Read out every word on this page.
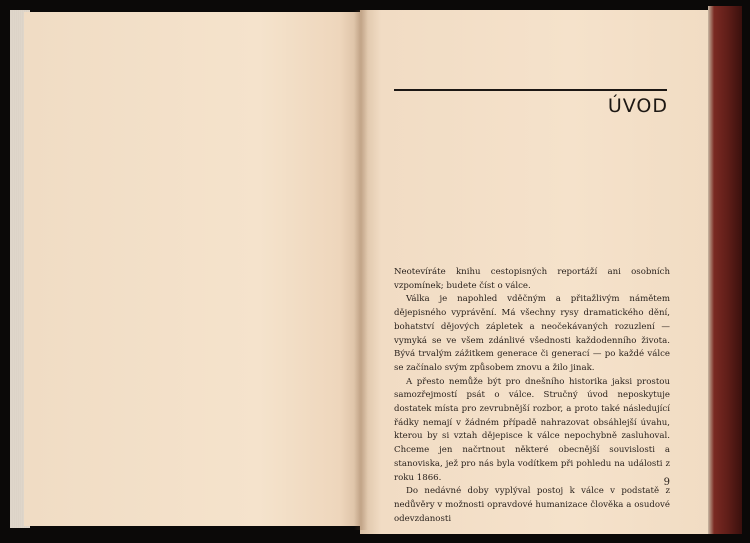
ÚVOD

Neotevíráte knihu cestopisných reportáží ani osobních vzpomínek; budete číst o válce.

Válka je napohled vděčným a přitažlivým námětem dějepisného vyprávění. Má všechny rysy dramatického dění, bohatství dějových zápletek a neočekávaných rozuzlení — vymyká se ve všem zdánlivé všednosti každodenního života. Bývá trvalým zážitkem generace či generací — po každé válce se začínalo svým způsobem znovu a žilo jinak.

A přesto nemůže být pro dnešního historika jaksi prostou samozřejmostí psát o válce. Stručný úvod neposkytuje dostatek místa pro zevrubnější rozbor, a proto také následující řádky nemají v žádném případě nahrazovat obsáhlejší úvahu, kterou by si vztah dějepisce k válce nepochybně zasluhoval. Chceme jen načrtnout některé obecnější souvislosti a stanoviska, jež pro nás byla vodítkem při pohledu na události z roku 1866.

Do nedávné doby vyplýval postoj k válce v podstatě z nedůvěry v možnosti opravdové humanizace člověka a osudové odevzdanosti

9
